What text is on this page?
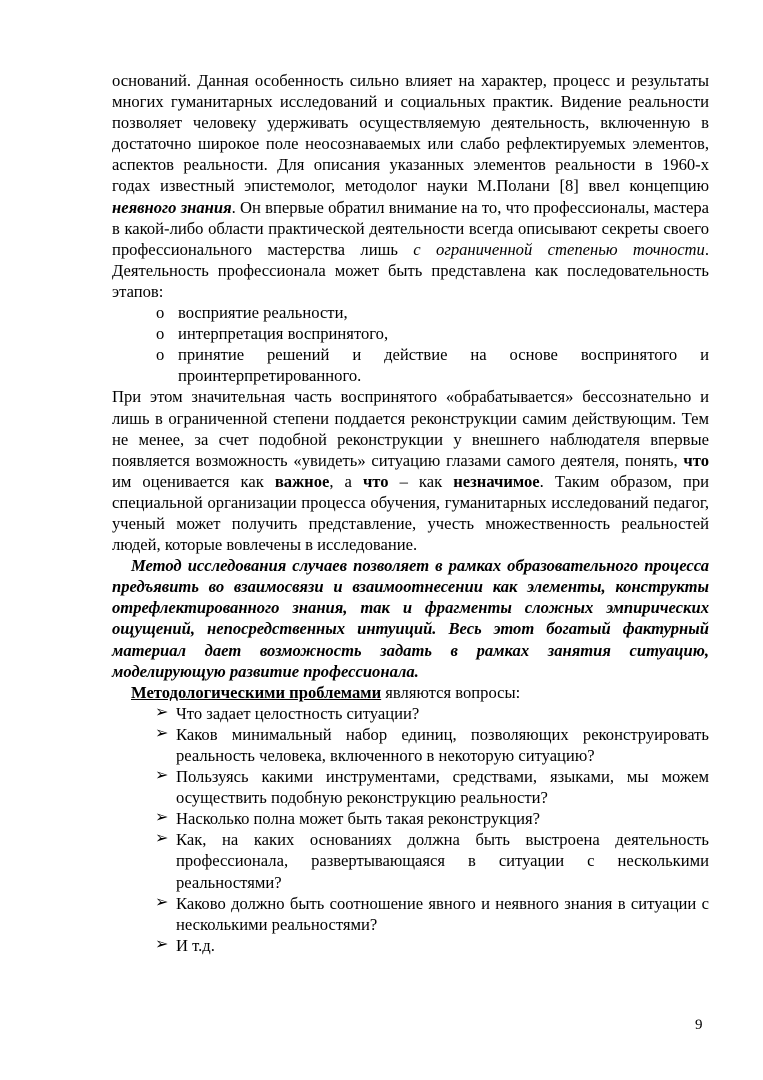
оснований. Данная особенность сильно влияет на характер, процесс и результаты многих гуманитарных исследований и социальных практик. Видение реальности позволяет человеку удерживать осуществляемую деятельность, включенную в достаточно широкое поле неосознаваемых или слабо рефлектируемых элементов, аспектов реальности. Для описания указанных элементов реальности в 1960-х годах известный эпистемолог, методолог науки М.Полани [8] ввел концепцию неявного знания. Он впервые обратил внимание на то, что профессионалы, мастера в какой-либо области практической деятельности всегда описывают секреты своего профессионального мастерства лишь с ограниченной степенью точности. Деятельность профессионала может быть представлена как последовательность этапов:

o восприятие реальности,
o интерпретация воспринятого,
o принятие решений и действие на основе воспринятого и проинтерпретированного.

При этом значительная часть воспринятого «обрабатывается» бессознательно и лишь в ограниченной степени поддается реконструкции самим действующим. Тем не менее, за счет подобной реконструкции у внешнего наблюдателя впервые появляется возможность «увидеть» ситуацию глазами самого деятеля, понять, что им оценивается как важное, а что – как незначимое. Таким образом, при специальной организации процесса обучения, гуманитарных исследований педагог, ученый может получить представление, учесть множественность реальностей людей, которые вовлечены в исследование.

Метод исследования случаев позволяет в рамках образовательного процесса предъявить во взаимосвязи и взаимоотнесении как элементы, конструкты отрефлектированного знания, так и фрагменты сложных эмпирических ощущений, непосредственных интуиций. Весь этот богатый фактурный материал дает возможность задать в рамках занятия ситуацию, моделирующую развитие профессионала.

Методологическими проблемами являются вопросы:

➢ Что задает целостность ситуации?
➢ Каков минимальный набор единиц, позволяющих реконструировать реальность человека, включенного в некоторую ситуацию?
➢ Пользуясь какими инструментами, средствами, языками, мы можем осуществить подобную реконструкцию реальности?
➢ Насколько полна может быть такая реконструкция?
➢ Как, на каких основаниях должна быть выстроена деятельность профессионала, развертывающаяся в ситуации с несколькими реальностями?
➢ Каково должно быть соотношение явного и неявного знания в ситуации с несколькими реальностями?
➢ И т.д.
9
